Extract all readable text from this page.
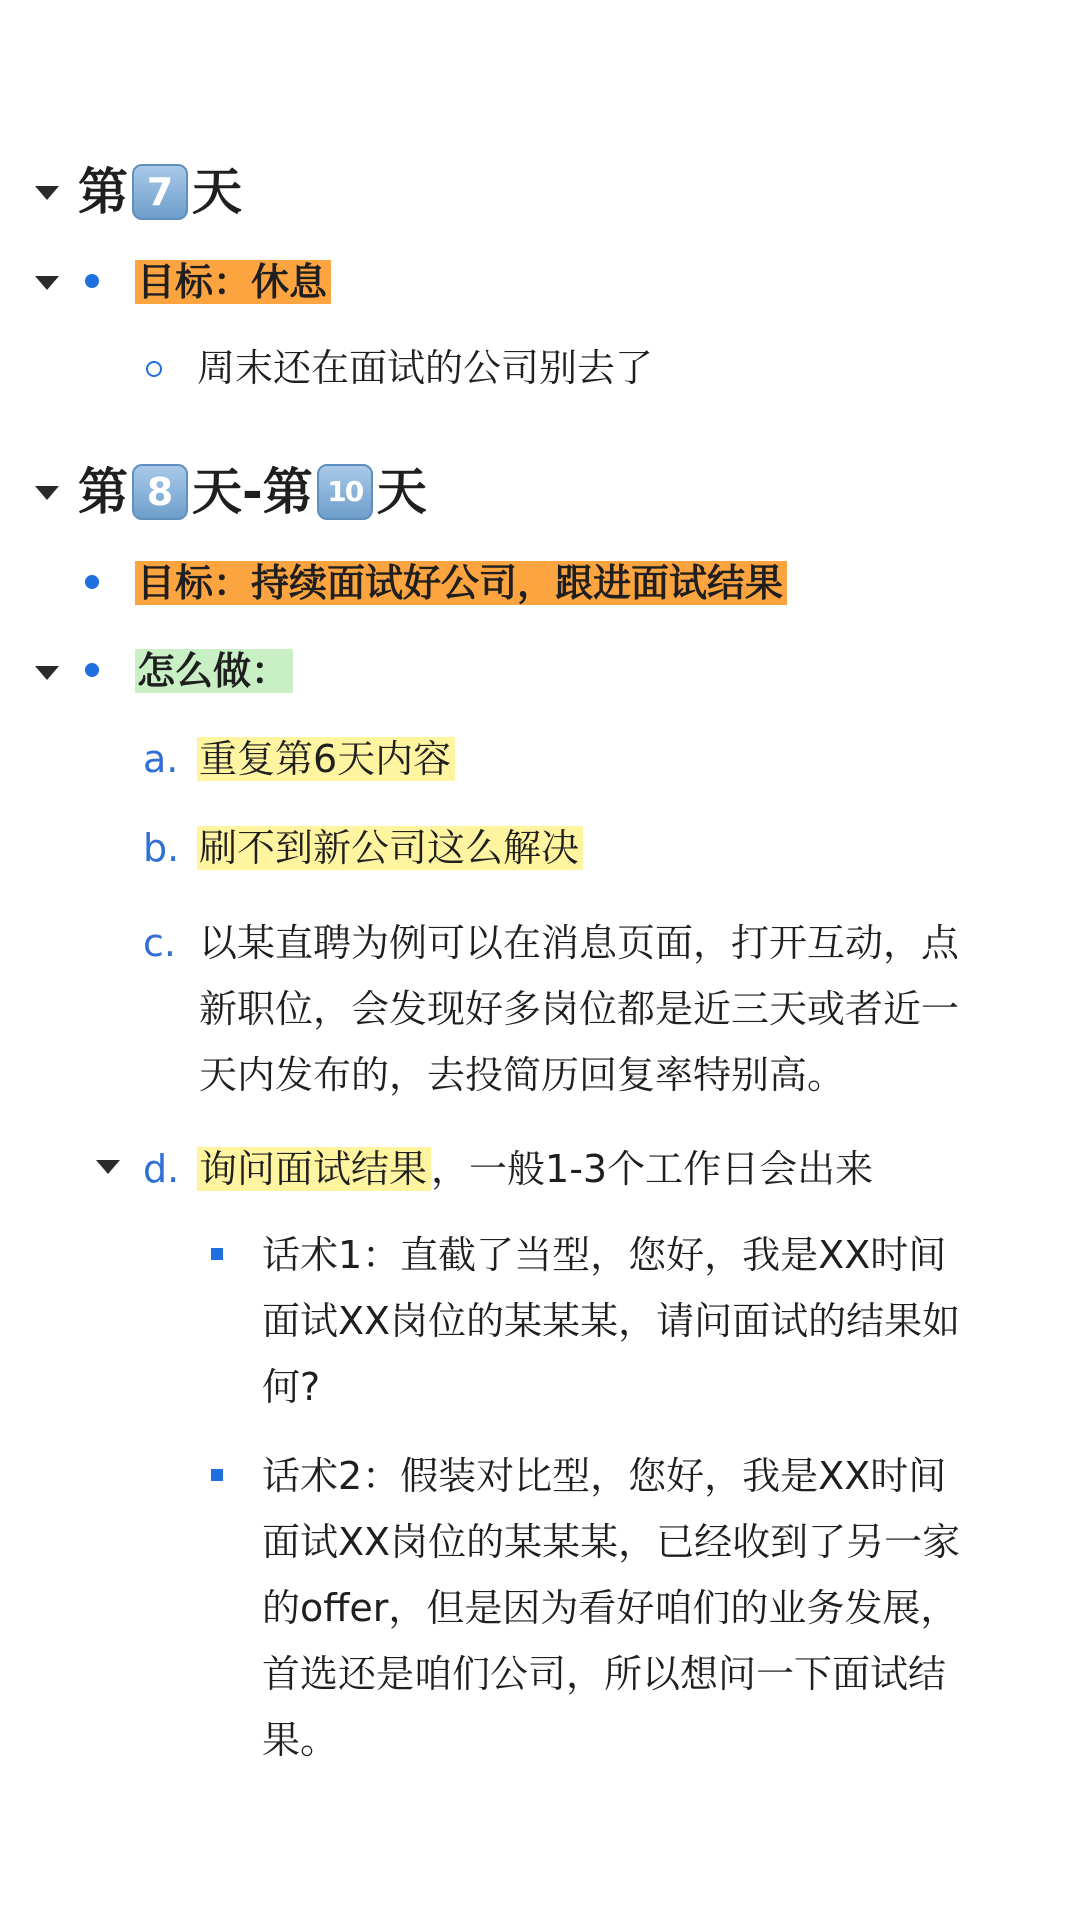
第 7 天
目标：休息
周末还在面试的公司别去了
第 8 天-第 10 天
目标：持续面试好公司，跟进面试结果
怎么做：
a. 重复第6天内容
b. 刷不到新公司这么解决
c. 以某直聘为例可以在消息页面，打开互动，点
新职位，会发现好多岗位都是近三天或者近一
天内发布的，去投简历回复率特别高。
d. 询问面试结果 ，一般1-3个工作日会出来
话术1：直截了当型，您好，我是XX时间
面试XX岗位的某某某，请问面试的结果如
何?
话术2：假装对比型，您好，我是XX时间
面试XX岗位的某某某，已经收到了另一家
的offer，但是因为看好咱们的业务发展，
首选还是咱们公司，所以想问一下面试结
果。
